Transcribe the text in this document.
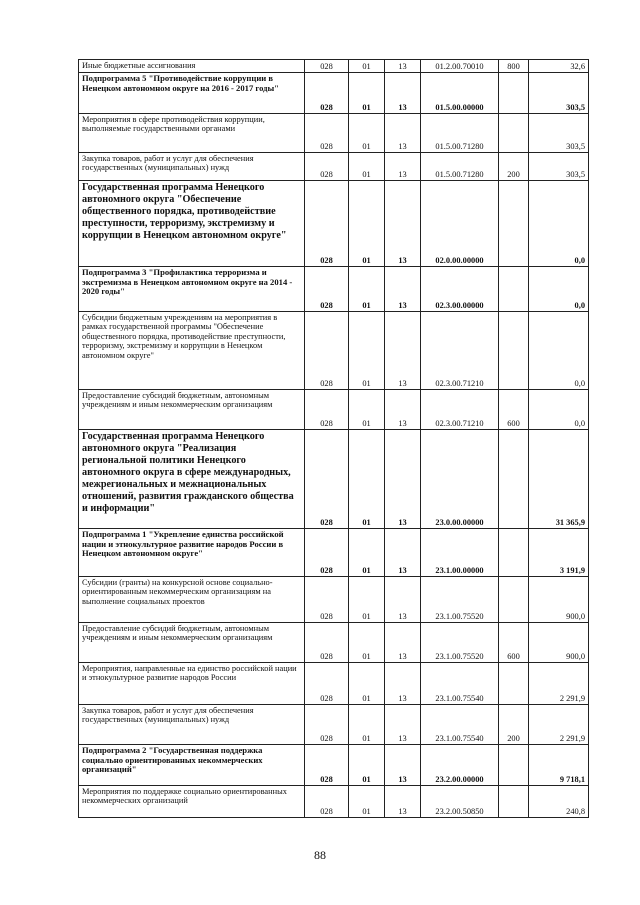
Иные бюджетные ассигнования	028	01	13	01.2.00.70010	800	32,6
Подпрограмма 5 "Противодействие коррупции в Ненецком автономном округе на 2016 - 2017 годы"	028	01	13	01.5.00.00000		303,5
Мероприятия в сфере противодействия коррупции, выполняемые государственными органами	028	01	13	01.5.00.71280		303,5
Закупка товаров, работ и услуг для обеспечения государственных (муниципальных) нужд	028	01	13	01.5.00.71280	200	303,5
Государственная программа Ненецкого автономного округа "Обеспечение общественного порядка, противодействие преступности, терроризму, экстремизму и коррупции в Ненецком автономном округе"	028	01	13	02.0.00.00000		0,0
Подпрограмма 3 "Профилактика терроризма и экстремизма в Ненецком автономном округе на 2014 - 2020 годы"	028	01	13	02.3.00.00000		0,0
Субсидии бюджетным учреждениям на мероприятия в рамках государственной программы "Обеспечение общественного порядка, противодействие преступности, терроризму, экстремизму и коррупции в Ненецком автономном округе"	028	01	13	02.3.00.71210		0,0
Предоставление субсидий бюджетным, автономным учреждениям и иным некоммерческим организациям	028	01	13	02.3.00.71210	600	0,0
Государственная программа Ненецкого автономного округа "Реализация региональной политики Ненецкого автономного округа в сфере международных, межрегиональных и межнациональных отношений, развития гражданского общества и информации"	028	01	13	23.0.00.00000		31 365,9
Подпрограмма 1 "Укрепление единства российской нации и этнокультурное развитие народов России в Ненецком автономном округе"	028	01	13	23.1.00.00000		3 191,9
Субсидии (гранты) на конкурсной основе социально-ориентированным некоммерческим организациям на выполнение социальных проектов	028	01	13	23.1.00.75520		900,0
Предоставление субсидий бюджетным, автономным учреждениям и иным некоммерческим организациям	028	01	13	23.1.00.75520	600	900,0
Мероприятия, направленные на единство российской нации и этнокультурное развитие народов России	028	01	13	23.1.00.75540		2 291,9
Закупка товаров, работ и услуг для обеспечения государственных (муниципальных) нужд	028	01	13	23.1.00.75540	200	2 291,9
Подпрограмма 2 "Государственная поддержка социально ориентированных некоммерческих организаций"	028	01	13	23.2.00.00000		9 718,1
Мероприятия по поддержке социально ориентированных некоммерческих организаций	028	01	13	23.2.00.50850		240,8
88
